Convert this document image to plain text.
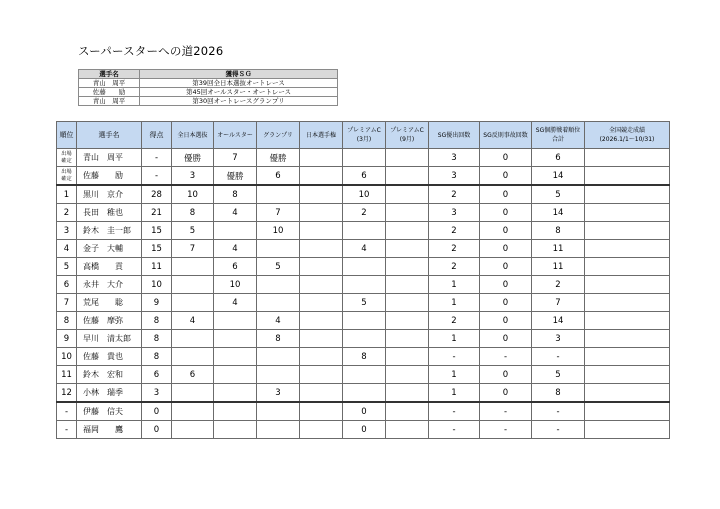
スーパースターへの道2026
選手名	獲得ＳＧ
青山　周平	第39回全日本選抜オートレース
佐藤　　励	第45回オールスター・オートレース
青山　周平	第30回オートレースグランプリ
順位	選手名	得点	全日本選抜	オールスター	グランプリ	日本選手権	プレミアムC
(3月)	プレミアムC
(9月)	SG優出回数	SG反則事故回数	SG個勝戦着順位
合計	全国競走成績
(2026.1/1～10/31)
出場
確定	青山　周平	-	優勝	7	優勝				3	0	6	
出場
確定	佐藤　　励	-	3	優勝	6		6		3	0	14	
1	黒川　京介	28	10	8			10		2	0	5	
2	長田　稚也	21	8	4	7		2		3	0	14	
3	鈴木　圭一郎	15	5		10				2	0	8	
4	金子　大輔	15	7	4			4		2	0	11	
5	高橋　　貢	11		6	5				2	0	11	
6	永井　大介	10		10					1	0	2	
7	荒尾　　聡	9		4			5		1	0	7	
8	佐藤　摩弥	8	4		4				2	0	14	
9	早川　清太郎	8			8				1	0	3	
10	佐藤　貴也	8					8		-	-	-	
11	鈴木　宏和	6	6						1	0	5	
12	小林　瑞季	3			3				1	0	8	
-	伊藤　信夫	0					0		-	-	-	
-	福岡　　鷹	0					0		-	-	-	
